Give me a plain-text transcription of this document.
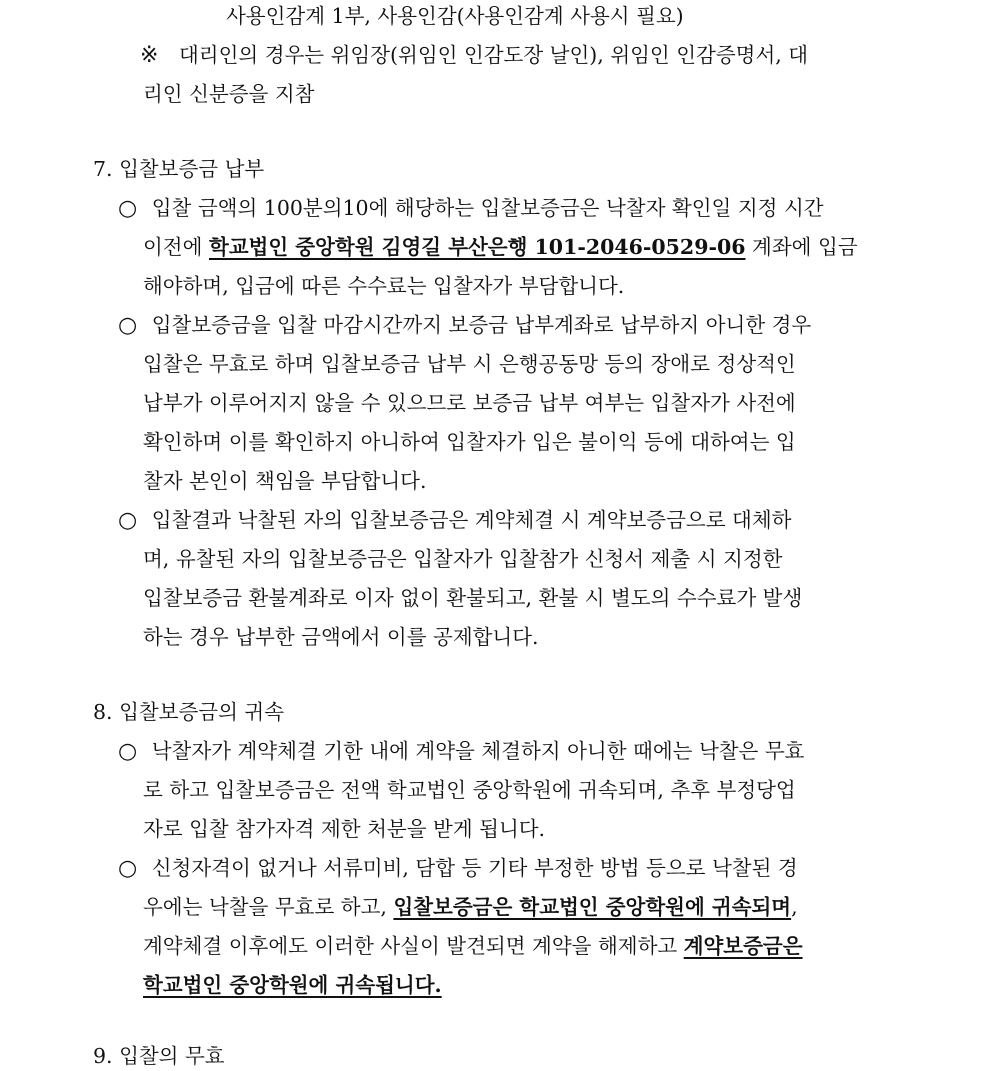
사용인감계 1부, 사용인감(사용인감계 사용시 필요)
※ 대리인의 경우는 위임장(위임인 인감도장 날인), 위임인 인감증명서, 대
리인 신분증을 지참
7. 입찰보증금 납부
○ 입찰 금액의 100분의10에 해당하는 입찰보증금은 낙찰자 확인일 지정 시간
이전에 학교법인 중앙학원 김영길 부산은행 101-2046-0529-06 계좌에 입금
해야하며, 입금에 따른 수수료는 입찰자가 부담합니다.
○ 입찰보증금을 입찰 마감시간까지 보증금 납부계좌로 납부하지 아니한 경우
입찰은 무효로 하며 입찰보증금 납부 시 은행공동망 등의 장애로 정상적인
납부가 이루어지지 않을 수 있으므로 보증금 납부 여부는 입찰자가 사전에
확인하며 이를 확인하지 아니하여 입찰자가 입은 불이익 등에 대하여는 입
찰자 본인이 책임을 부담합니다.
○ 입찰결과 낙찰된 자의 입찰보증금은 계약체결 시 계약보증금으로 대체하
며, 유찰된 자의 입찰보증금은 입찰자가 입찰참가 신청서 제출 시 지정한
입찰보증금 환불계좌로 이자 없이 환불되고, 환불 시 별도의 수수료가 발생
하는 경우 납부한 금액에서 이를 공제합니다.
8. 입찰보증금의 귀속
○ 낙찰자가 계약체결 기한 내에 계약을 체결하지 아니한 때에는 낙찰은 무효
로 하고 입찰보증금은 전액 학교법인 중앙학원에 귀속되며, 추후 부정당업
자로 입찰 참가자격 제한 처분을 받게 됩니다.
○ 신청자격이 없거나 서류미비, 담합 등 기타 부정한 방법 등으로 낙찰된 경
우에는 낙찰을 무효로 하고, 입찰보증금은 학교법인 중앙학원에 귀속되며,
계약체결 이후에도 이러한 사실이 발견되면 계약을 해제하고 계약보증금은
학교법인 중앙학원에 귀속됩니다.
9. 입찰의 무효
